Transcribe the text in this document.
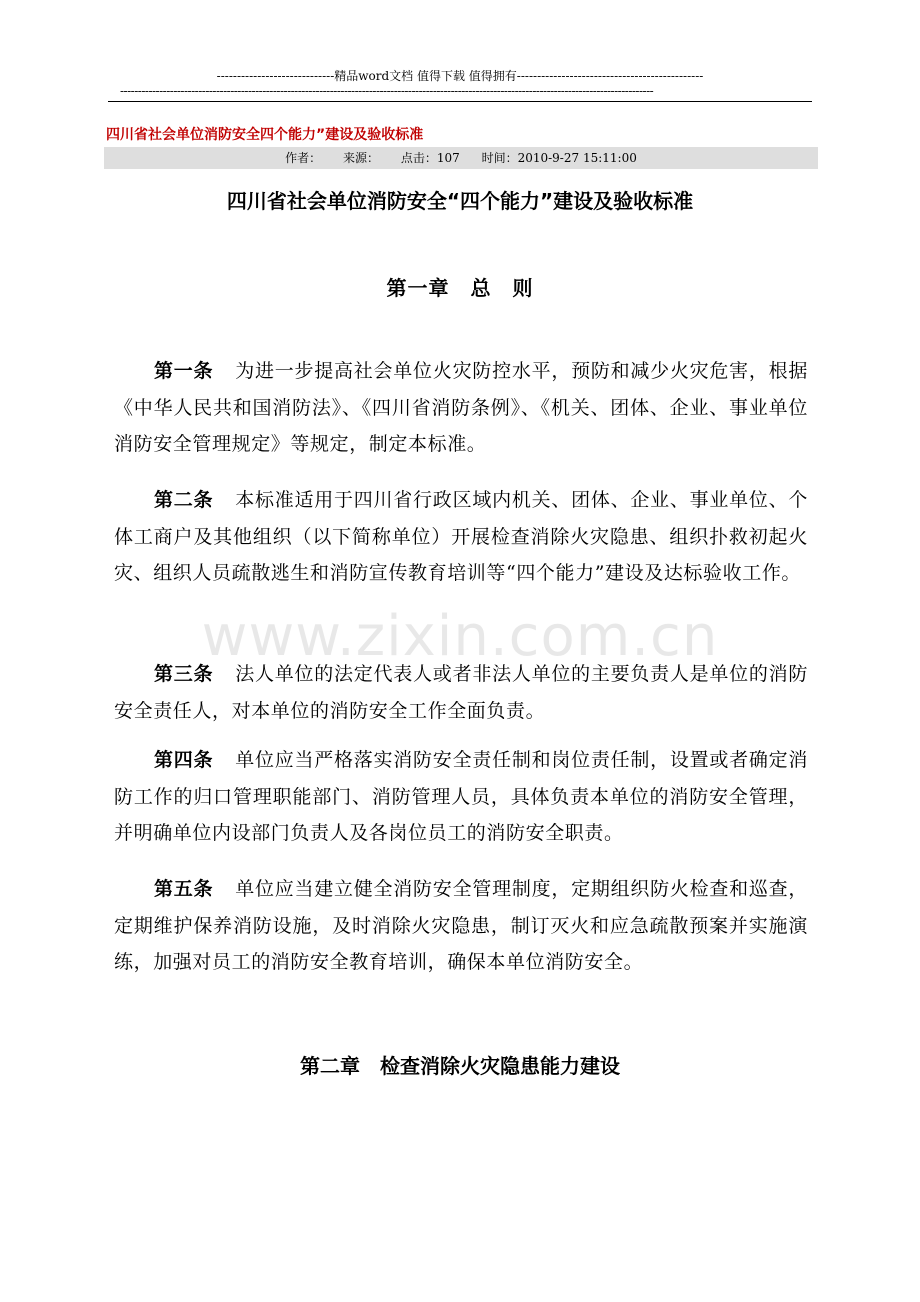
-----------------------------精品word文档 值得下载 值得拥有----------------------------------------------
------------------------------------------------------------------------------------------------------------------------------------------------------
四川省社会单位消防安全四个能力”建设及验收标准
作者： 来源： 点击：107 时间：2010-9-27 15:11:00
四川省社会单位消防安全“四个能力”建设及验收标准
第一章　总　则

第一条 为进一步提高社会单位火灾防控水平，预防和减少火灾危害，根据《中华人民共和国消防法》、《四川省消防条例》、《机关、团体、企业、事业单位消防安全管理规定》等规定，制定本标准。

第二条 本标准适用于四川省行政区域内机关、团体、企业、事业单位、个体工商户及其他组织（以下简称单位）开展检查消除火灾隐患、组织扑救初起火灾、组织人员疏散逃生和消防宣传教育培训等“四个能力”建设及达标验收工作。

第三条 法人单位的法定代表人或者非法人单位的主要负责人是单位的消防安全责任人，对本单位的消防安全工作全面负责。

第四条 单位应当严格落实消防安全责任制和岗位责任制，设置或者确定消防工作的归口管理职能部门、消防管理人员，具体负责本单位的消防安全管理，并明确单位内设部门负责人及各岗位员工的消防安全职责。

第五条 单位应当建立健全消防安全管理制度，定期组织防火检查和巡查，定期维护保养消防设施，及时消除火灾隐患，制订灭火和应急疏散预案并实施演练，加强对员工的消防安全教育培训，确保本单位消防安全。

第二章　检查消除火灾隐患能力建设
www.zixin.com.cn
